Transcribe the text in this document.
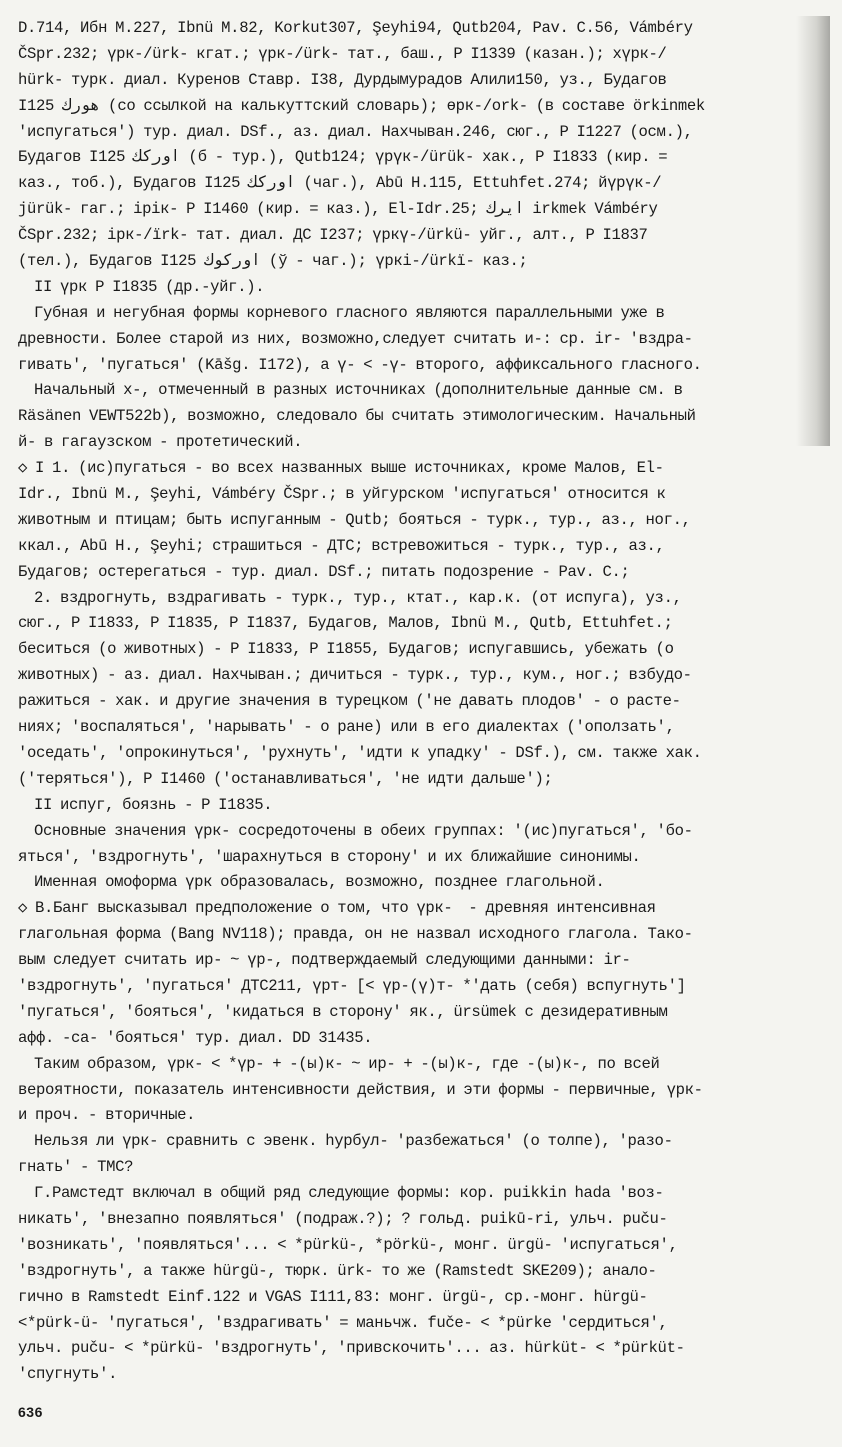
D.714, Ибн М.227, Ibnü M.82, Korkut307, Şeyhi94, Qutb204, Pav. C.56, Vámbéry
ČSpr.232; үрк-/ürk- кгат.; үрк-/ürk- тат., баш., Р I1339 (казан.); хүрк-/
hürk- турк. диал. Куренов Ставр. I38, Дурдымурадов Алили150, уз., Будагов
I125 هورك (со ссылкой на калькуттский словарь); өрк-/ork- (в составе örkinmek
'испугаться') тур. диал. DSf., аз. диал. Нахчыван.246, сюг., Р I1227 (осм.),
Будагов I125 اوركك (б - тур.), Qutb124; үрүк-/ürük- хак., Р I1833 (кир. =
каз., тоб.), Будагов I125 اوركك (чаг.), Abū H.115, Ettuhfet.274; йүрүк-/
jürük- гаг.; ірік- Р I1460 (кир. = каз.), El-Idr.25; ايرك irkmek Vámbéry
ČSpr.232; ірк-/ïrk- тат. диал. ДС I237; үркү-/ürkü- уйг., алт., Р I1837
(тел.), Будагов I125 اوركوك (ў - чаг.); үркі-/ürkï- каз.;
II үрк Р I1835 (др.-уйг.).
Губная и негубная формы корневого гласного являются параллельными уже в
древности. Более старой из них, возможно,следует считать и-: ср. ir- 'вздра-
гивать', 'пугаться' (Kāšg. I172), а ү- < -ү- второго, аффиксального гласного.
Начальный х-, отмеченный в разных источниках (дополнительные данные см. в
Räsänen VEWT522b), возможно, следовало бы считать этимологическим. Начальный
й- в гагаузском - протетический.
◇ I 1. (ис)пугаться - во всех названных выше источниках, кроме Малов, El-
Idr., Ibnü M., Şeyhi, Vámbéry ČSpr.; в уйгурском 'испугаться' относится к
животным и птицам; быть испуганным - Qutb; бояться - турк., тур., аз., ног.,
ккал., Abū H., Şeyhi; страшиться - ДТС; встревожиться - турк., тур., аз.,
Будагов; остерегаться - тур. диал. DSf.; питать подозрение - Pav. C.;
2. вздрогнуть, вздрагивать - турк., тур., ктат., кар.к. (от испуга), уз.,
сюг., Р I1833, Р I1835, Р I1837, Будагов, Малов, Ibnü M., Qutb, Ettuhfet.;
беситься (о животных) - Р I1833, Р I1855, Будагов; испугавшись, убежать (о
животных) - аз. диал. Нахчыван.; дичиться - турк., тур., кум., ног.; взбудо-
ражиться - хак. и другие значения в турецком ('не давать плодов' - о расте-
ниях; 'воспаляться', 'нарывать' - о ране) или в его диалектах ('оползать',
'оседать', 'опрокинуться', 'рухнуть', 'идти к упадку' - DSf.), см. также хак.
('теряться'), Р I1460 ('останавливаться', 'не идти дальше');
II испуг, боязнь - Р I1835.
Основные значения үрк- сосредоточены в обеих группах: '(ис)пугаться', 'бо-
яться', 'вздрогнуть', 'шарахнуться в сторону' и их ближайшие синонимы.
Именная омоформа үрк образовалась, возможно, позднее глагольной.
◇ В.Банг высказывал предположение о том, что үрк-  - древняя интенсивная
глагольная форма (Bang NV118); правда, он не назвал исходного глагола. Тако-
вым следует считать ир- ~ үр-, подтверждаемый следующими данными: ir-
'вздрогнуть', 'пугаться' ДТС211, үрт- [< үр-(ү)т- *'дать (себя) вспугнуть']
'пугаться', 'бояться', 'кидаться в сторону' як., ürsümek с дезидеративным
афф. -са- 'бояться' тур. диал. DD 31435.
Таким образом, үрк- < *үр- + -(ы)к- ~ ир- + -(ы)к-, где -(ы)к-, по всей
вероятности, показатель интенсивности действия, и эти формы - первичные, үрк-
и проч. - вторичные.
Нельзя ли үрк- сравнить с эвенк. һурбул- 'разбежаться' (о толпе), 'разо-
гнать' - ТМС?
Г.Рамстедт включал в общий ряд следующие формы: кор. puikkin hada 'воз-
никать', 'внезапно появляться' (подраж.?); ? гольд. puikū-ri, ульч. puču-
'возникать', 'появляться'... < *pürkü-, *pörkü-, монг. ürgü- 'испугаться',
'вздрогнуть', а также hürgü-, тюрк. ürk- то же (Ramstedt SKE209); анало-
гично в Ramstedt Einf.122 и VGAS I111,83: монг. ürgü-, ср.-монг. hürgü-
<*pürk-ü- 'пугаться', 'вздрагивать' = маньчж. fuče- < *pürke 'сердиться',
ульч. puču- < *pürkü- 'вздрогнуть', 'привскочить'... аз. hürküt- < *pürküt-
'спугнуть'.
636
